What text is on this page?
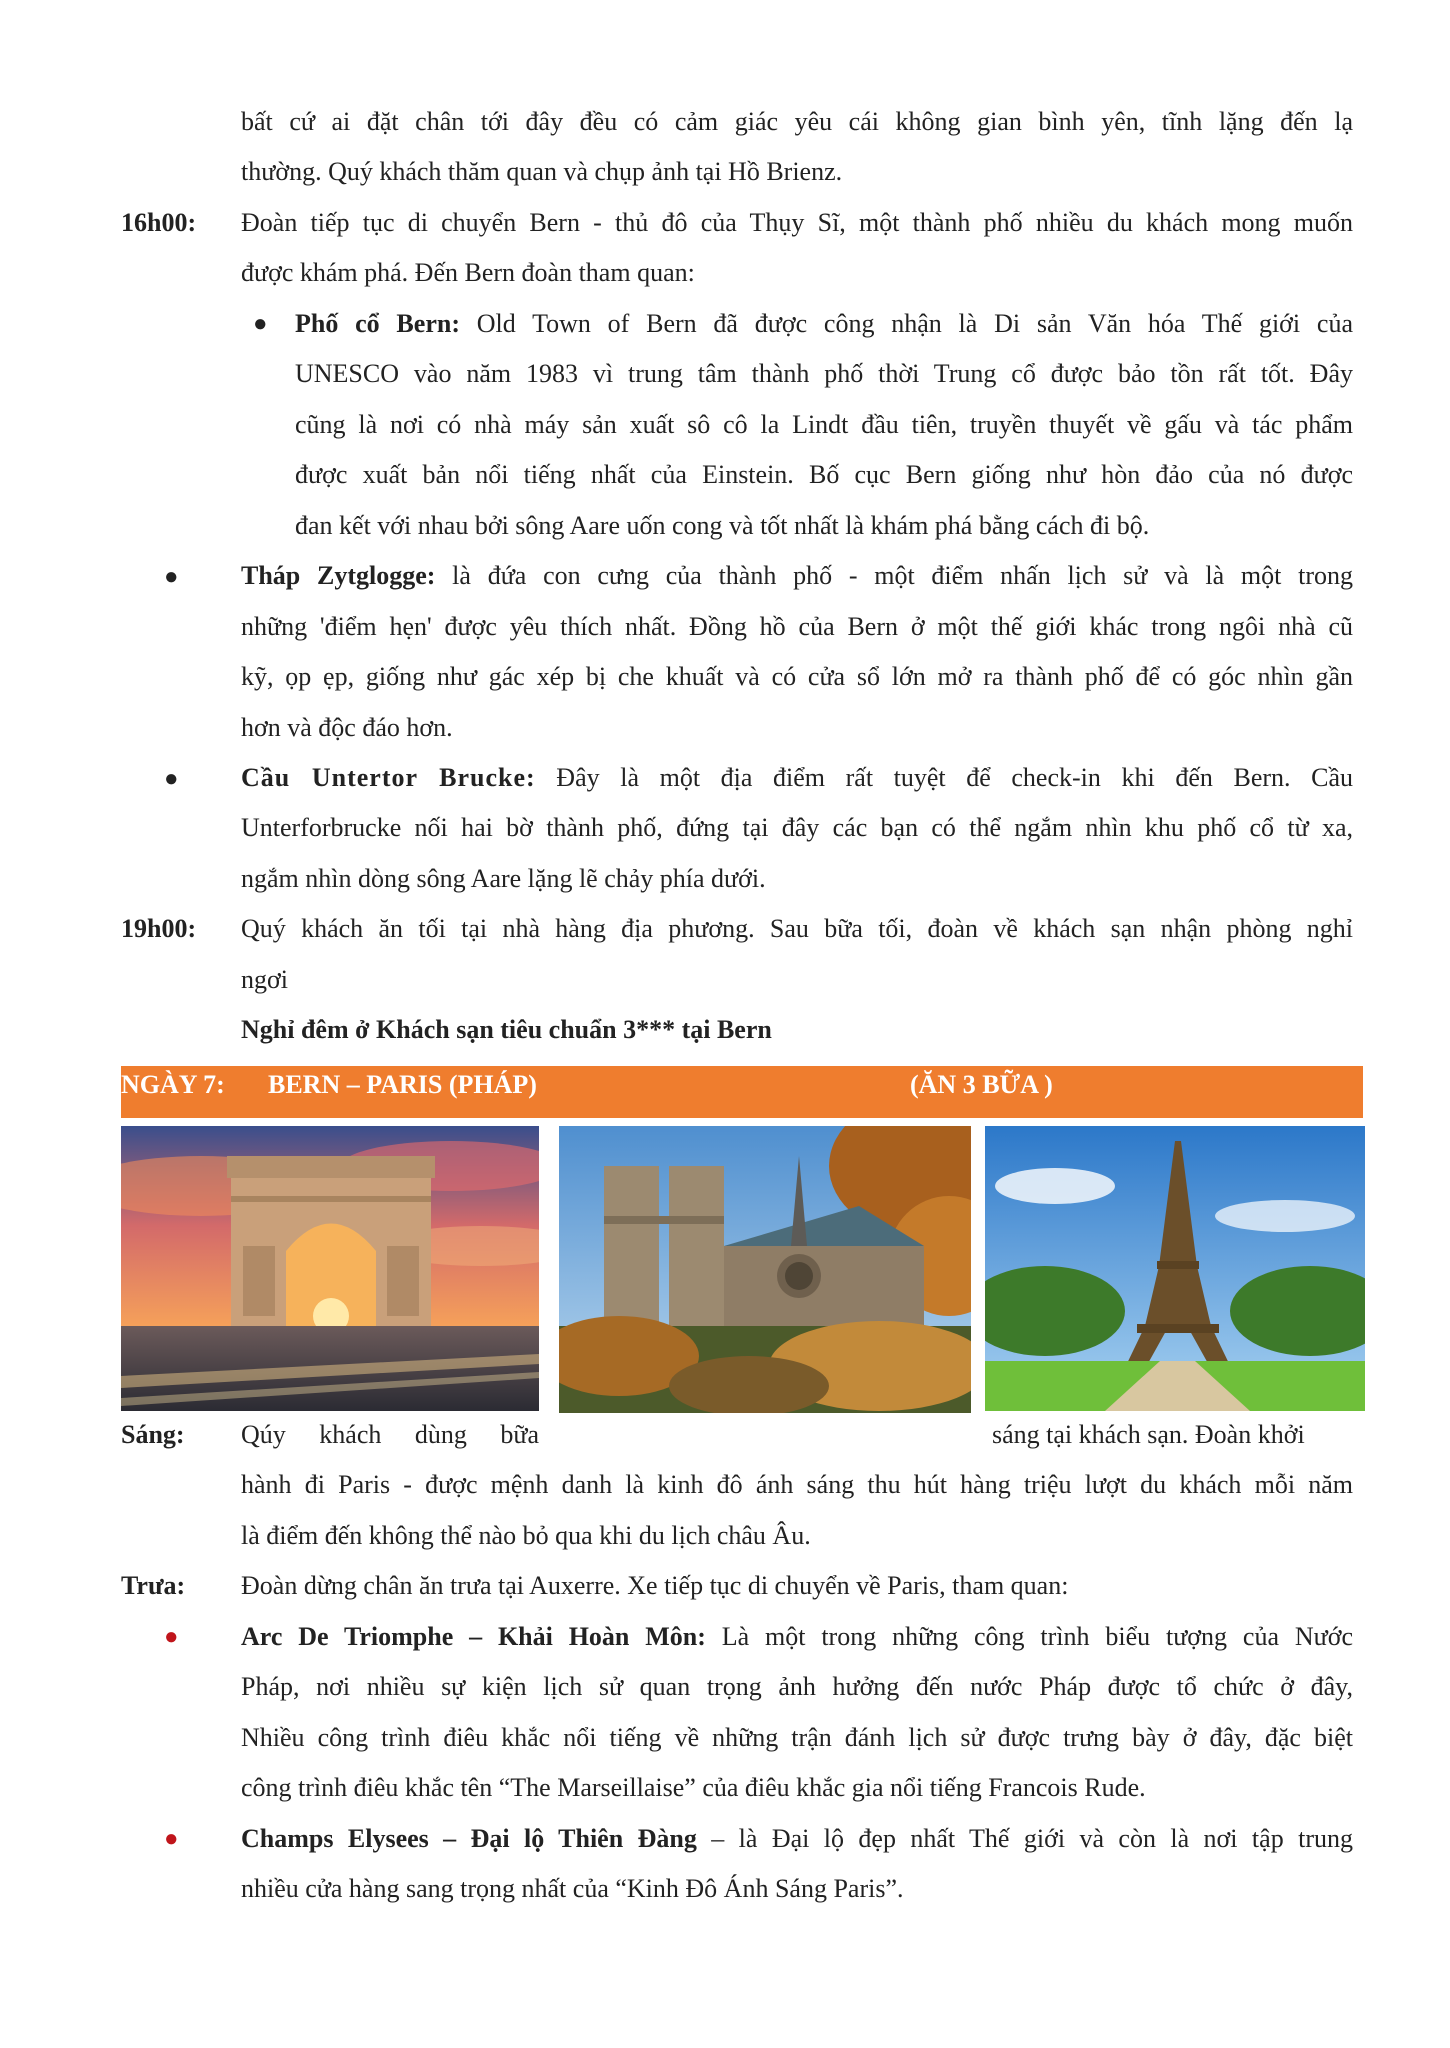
bất cứ ai đặt chân tới đây đều có cảm giác yêu cái không gian bình yên, tĩnh lặng đến lạ
thường. Quý khách thăm quan và chụp ảnh tại Hồ Brienz.
16h00: Đoàn tiếp tục di chuyển Bern - thủ đô của Thụy Sĩ, một thành phố nhiều du khách mong muốn
được khám phá. Đến Bern đoàn tham quan:
● Phố cổ Bern: Old Town of Bern đã được công nhận là Di sản Văn hóa Thế giới của
UNESCO vào năm 1983 vì trung tâm thành phố thời Trung cổ được bảo tồn rất tốt. Đây
cũng là nơi có nhà máy sản xuất sô cô la Lindt đầu tiên, truyền thuyết về gấu và tác phẩm
được xuất bản nổi tiếng nhất của Einstein. Bố cục Bern giống như hòn đảo của nó được
đan kết với nhau bởi sông Aare uốn cong và tốt nhất là khám phá bằng cách đi bộ.
● Tháp Zytglogge: là đứa con cưng của thành phố - một điểm nhấn lịch sử và là một trong
những 'điểm hẹn' được yêu thích nhất. Đồng hồ của Bern ở một thế giới khác trong ngôi nhà cũ
kỹ, ọp ẹp, giống như gác xép bị che khuất và có cửa sổ lớn mở ra thành phố để có góc nhìn gần
hơn và độc đáo hơn.
● Cầu Untertor Brucke: Đây là một địa điểm rất tuyệt để check-in khi đến Bern. Cầu
Unterforbrucke nối hai bờ thành phố, đứng tại đây các bạn có thể ngắm nhìn khu phố cổ từ xa,
ngắm nhìn dòng sông Aare lặng lẽ chảy phía dưới.
19h00: Quý khách ăn tối tại nhà hàng địa phương. Sau bữa tối, đoàn về khách sạn nhận phòng nghỉ
ngơi
Nghỉ đêm ở Khách sạn tiêu chuẩn 3*** tại Bern
NGÀY 7: BERN – PARIS (PHÁP)	(ĂN 3 BỮA )
Sáng: Qúy khách dùng bữa	sáng tại khách sạn. Đoàn khởi
hành đi Paris - được mệnh danh là kinh đô ánh sáng thu hút hàng triệu lượt du khách mỗi năm
là điểm đến không thể nào bỏ qua khi du lịch châu Âu.
Trưa: Đoàn dừng chân ăn trưa tại Auxerre. Xe tiếp tục di chuyển về Paris, tham quan:
● Arc De Triomphe – Khải Hoàn Môn: Là một trong những công trình biểu tượng của Nước
Pháp, nơi nhiều sự kiện lịch sử quan trọng ảnh hưởng đến nước Pháp được tổ chức ở đây,
Nhiều công trình điêu khắc nổi tiếng về những trận đánh lịch sử được trưng bày ở đây, đặc biệt
công trình điêu khắc tên “The Marseillaise” của điêu khắc gia nổi tiếng Francois Rude.
● Champs Elysees – Đại lộ Thiên Đàng – là Đại lộ đẹp nhất Thế giới và còn là nơi tập trung
nhiều cửa hàng sang trọng nhất của “Kinh Đô Ánh Sáng Paris”.
